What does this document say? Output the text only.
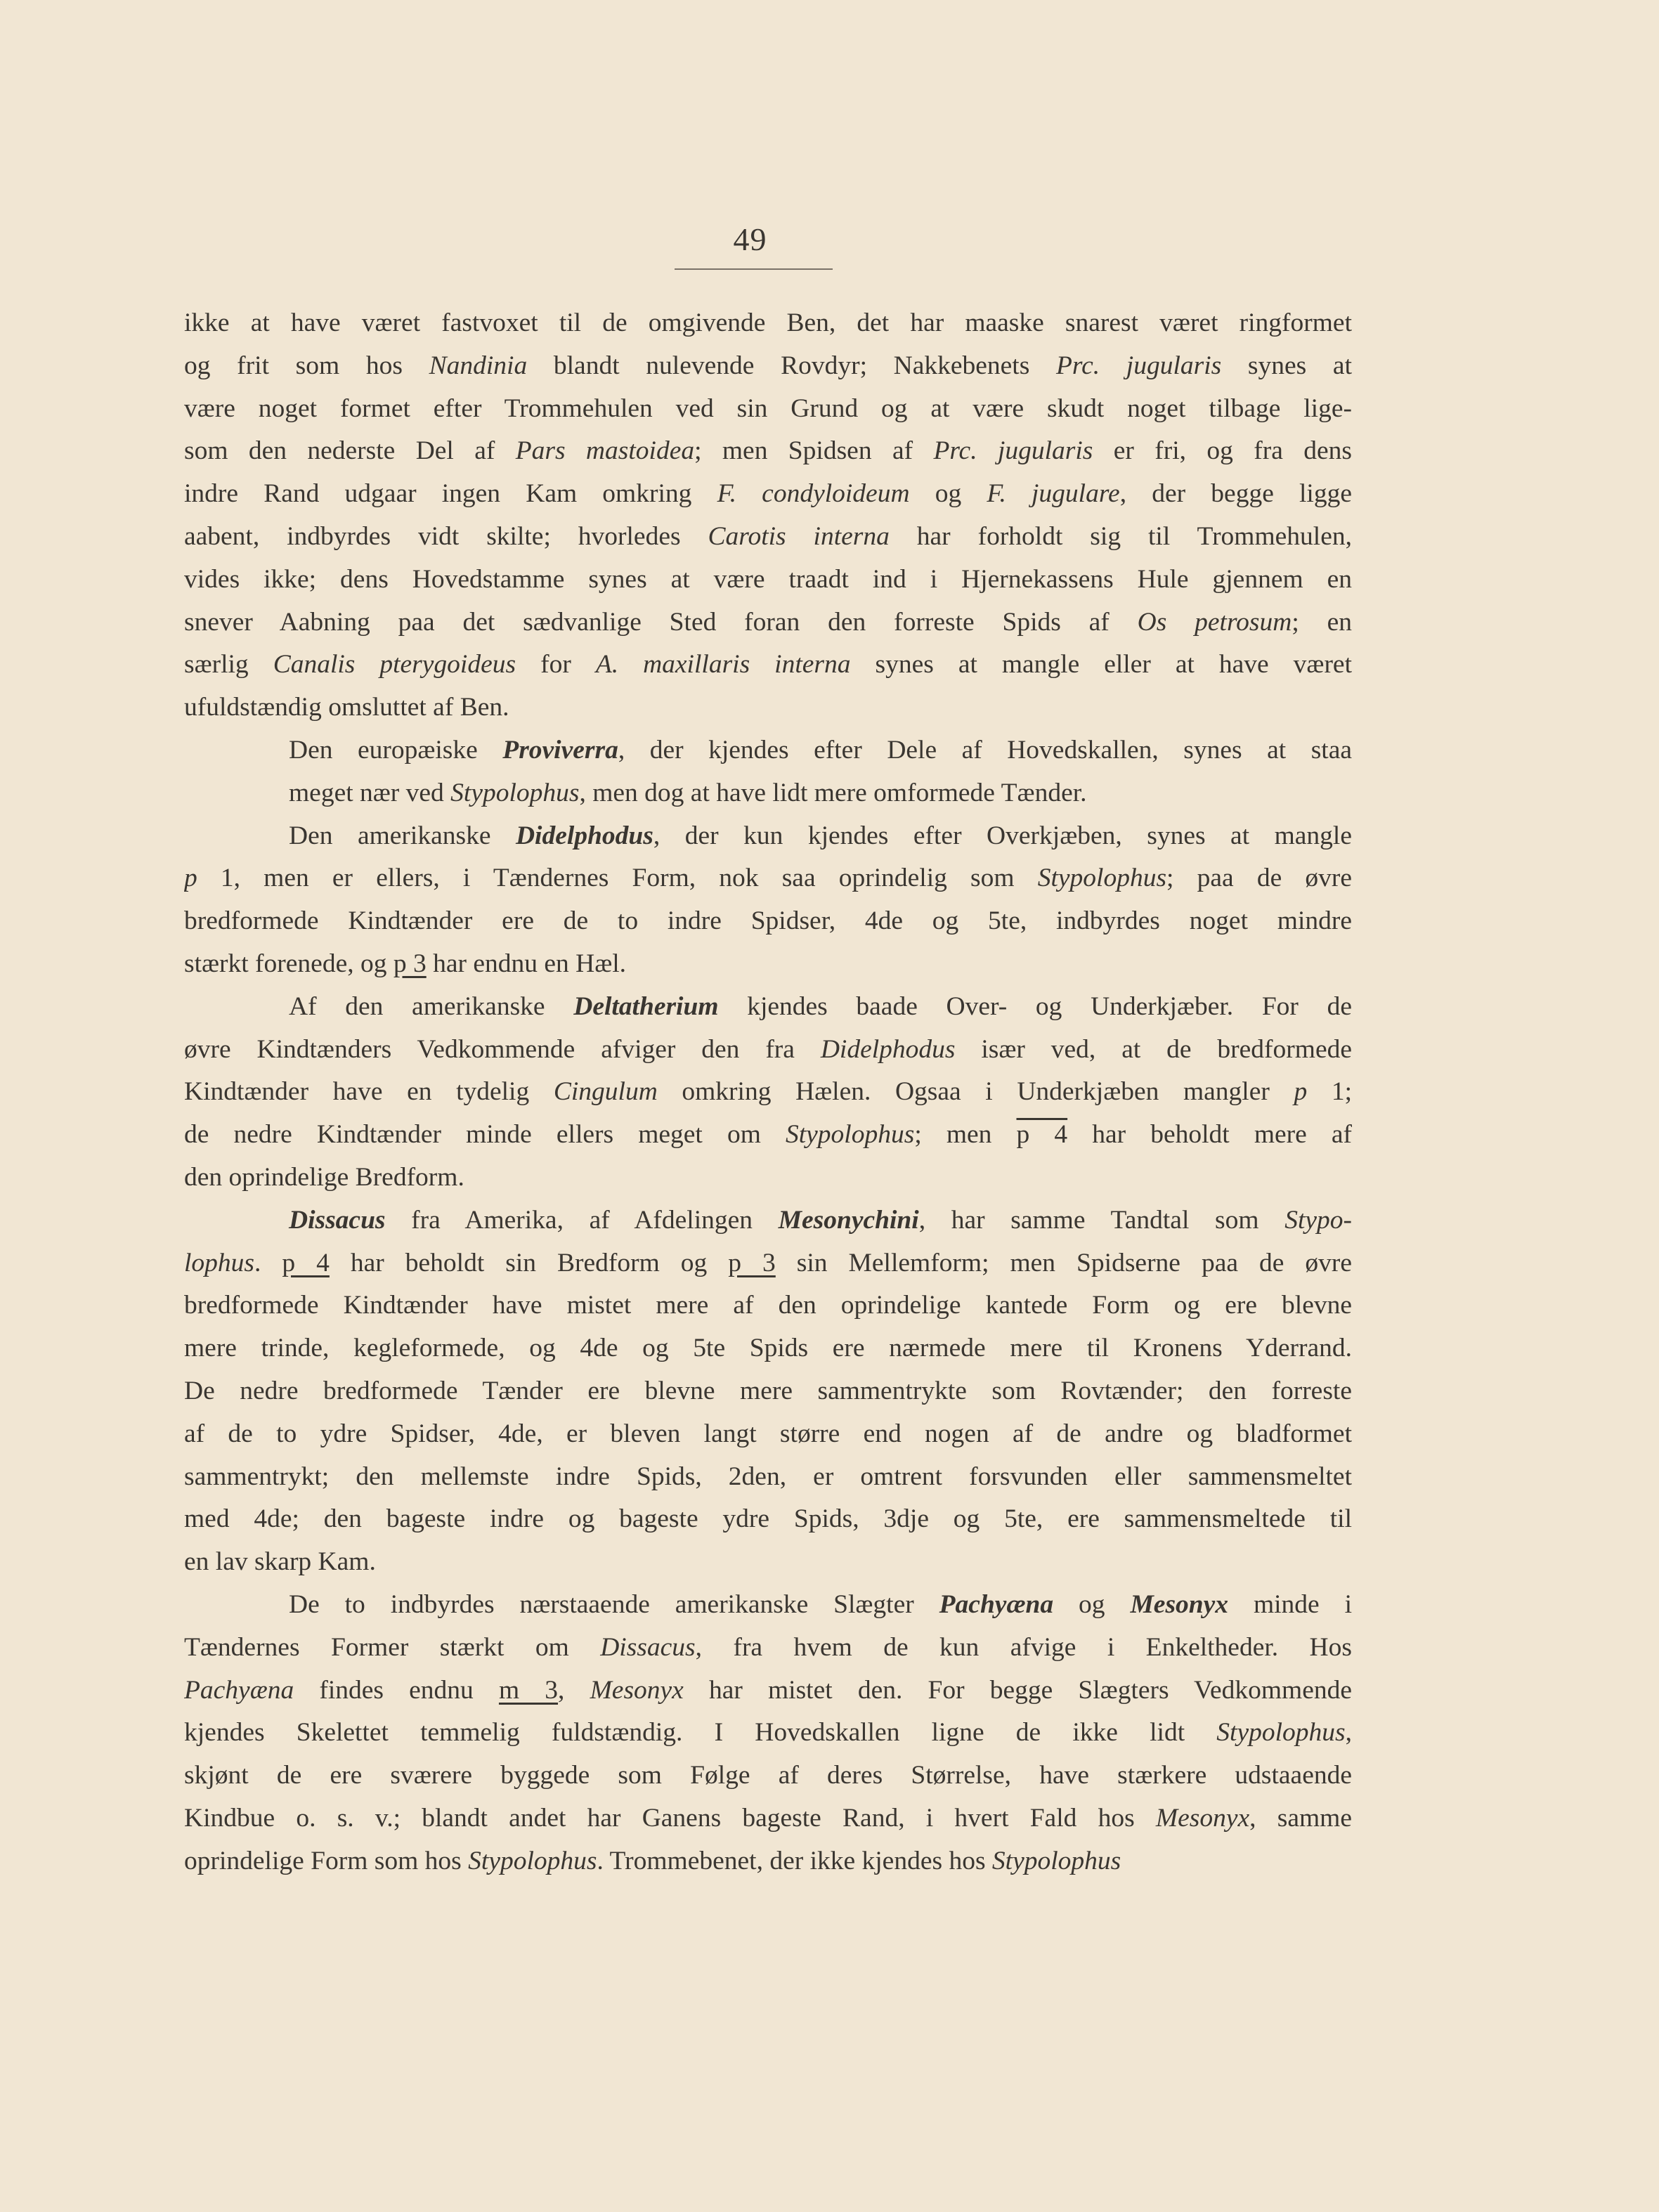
49
ikke at have været fastvoxet til de omgivende Ben, det har maaske snarest været ringformet
og frit som hos Nandinia blandt nulevende Rovdyr; Nakkebenets Prc. jugularis synes at
være noget formet efter Trommehulen ved sin Grund og at være skudt noget tilbage lige-
som den nederste Del af Pars mastoidea; men Spidsen af Prc. jugularis er fri, og fra dens
indre Rand udgaar ingen Kam omkring F. condyloideum og F. jugulare, der begge ligge
aabent, indbyrdes vidt skilte; hvorledes Carotis interna har forholdt sig til Trommehulen,
vides ikke; dens Hovedstamme synes at være traadt ind i Hjernekassens Hule gjennem en
snever Aabning paa det sædvanlige Sted foran den forreste Spids af Os petrosum; en
særlig Canalis pterygoideus for A. maxillaris interna synes at mangle eller at have været
ufuldstændig omsluttet af Ben.
Den europæiske Proviverra, der kjendes efter Dele af Hovedskallen, synes at staa
meget nær ved Stypolophus, men dog at have lidt mere omformede Tænder.
Den amerikanske Didelphodus, der kun kjendes efter Overkjæben, synes at mangle
p 1, men er ellers, i Tændernes Form, nok saa oprindelig som Stypolophus; paa de øvre
bredformede Kindtænder ere de to indre Spidser, 4de og 5te, indbyrdes noget mindre
stærkt forenede, og p 3 har endnu en Hæl.
Af den amerikanske Deltatherium kjendes baade Over- og Underkjæber. For de
øvre Kindtænders Vedkommende afviger den fra Didelphodus især ved, at de bredformede
Kindtænder have en tydelig Cingulum omkring Hælen. Ogsaa i Underkjæben mangler p 1;
de nedre Kindtænder minde ellers meget om Stypolophus; men p 4 har beholdt mere af
den oprindelige Bredform.
Dissacus fra Amerika, af Afdelingen Mesonychini, har samme Tandtal som Stypo-
lophus. p 4 har beholdt sin Bredform og p 3 sin Mellemform; men Spidserne paa de øvre
bredformede Kindtænder have mistet mere af den oprindelige kantede Form og ere blevne
mere trinde, kegleformede, og 4de og 5te Spids ere nærmede mere til Kronens Yderrand.
De nedre bredformede Tænder ere blevne mere sammentrykte som Rovtænder; den forreste
af de to ydre Spidser, 4de, er bleven langt større end nogen af de andre og bladformet
sammentrykt; den mellemste indre Spids, 2den, er omtrent forsvunden eller sammensmeltet
med 4de; den bageste indre og bageste ydre Spids, 3dje og 5te, ere sammensmeltede til
en lav skarp Kam.
De to indbyrdes nærstaaende amerikanske Slægter Pachyæna og Mesonyx minde i
Tændernes Former stærkt om Dissacus, fra hvem de kun afvige i Enkeltheder. Hos
Pachyæna findes endnu m 3, Mesonyx har mistet den. For begge Slægters Vedkommende
kjendes Skelettet temmelig fuldstændig. I Hovedskallen ligne de ikke lidt Stypolophus,
skjønt de ere sværere byggede som Følge af deres Størrelse, have stærkere udstaaende
Kindbue o. s. v.; blandt andet har Ganens bageste Rand, i hvert Fald hos Mesonyx, samme
oprindelige Form som hos Stypolophus. Trommebenet, der ikke kjendes hos Stypolophus
